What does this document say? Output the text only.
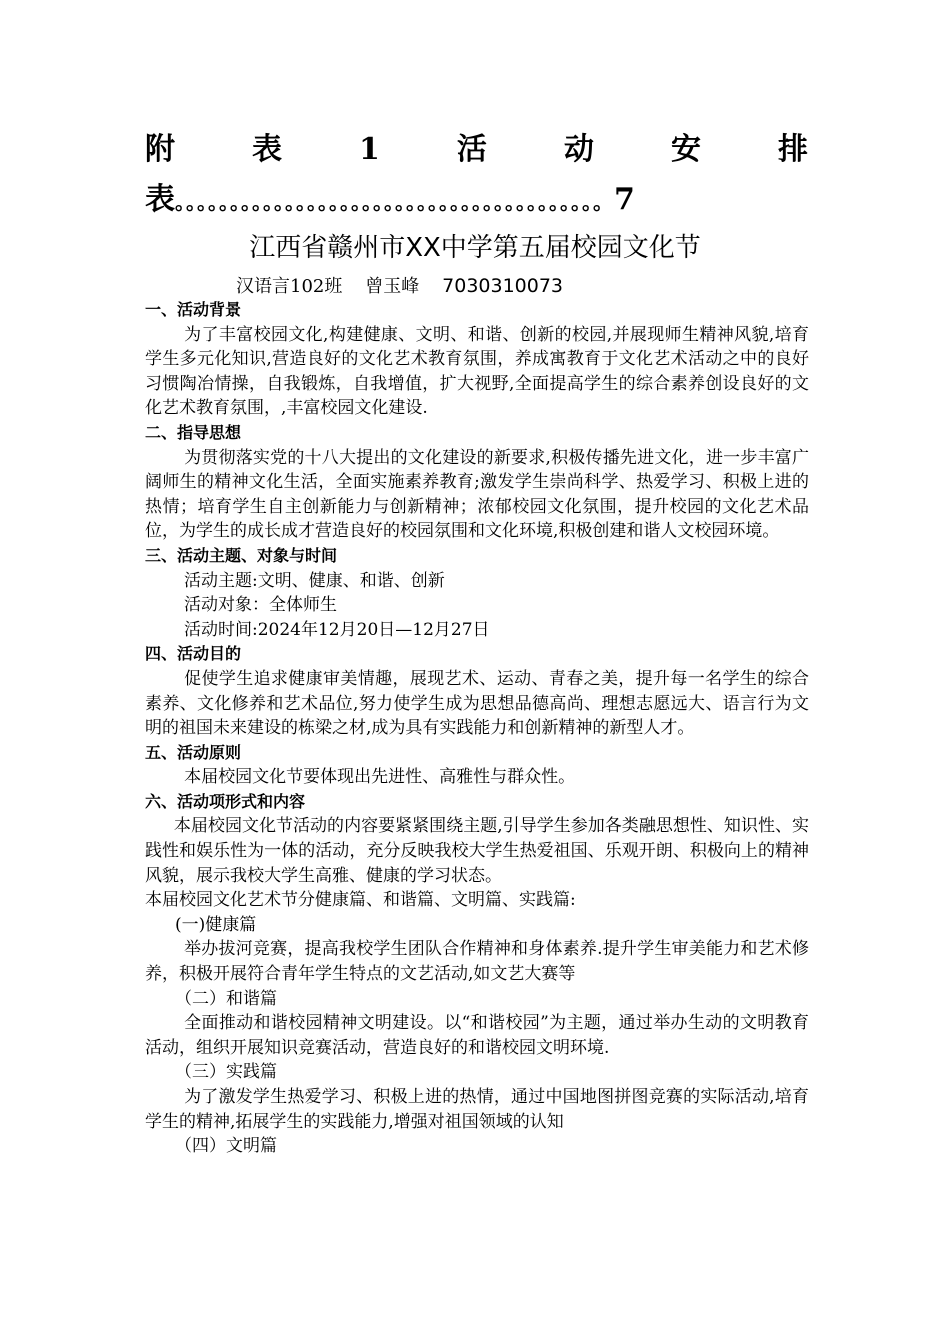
附	表	1	活	动	安	排
表。。。。。。。。。。。。。。。。。。。。。。。。。。。。。。。。。。。。。。。7
江西省赣州市XX中学第五届校园文化节
汉语言102班 曾玉峰 7030310073
一、活动背景

为了丰富校园文化,构建健康、文明、和谐、创新的校园,并展现师生精神风貌,培育学生多元化知识,营造良好的文化艺术教育氛围，养成寓教育于文化艺术活动之中的良好习惯陶冶情操，自我锻炼，自我增值，扩大视野,全面提高学生的综合素养创设良好的文化艺术教育氛围，,丰富校园文化建设.

二、指导思想

为贯彻落实党的十八大提出的文化建设的新要求,积极传播先进文化，进一步丰富广阔师生的精神文化生活，全面实施素养教育;激发学生崇尚科学、热爱学习、积极上进的热情；培育学生自主创新能力与创新精神；浓郁校园文化氛围，提升校园的文化艺术品位，为学生的成长成才营造良好的校园氛围和文化环境,积极创建和谐人文校园环境。

三、活动主题、对象与时间

活动主题:文明、健康、和谐、创新

活动对象：全体师生

活动时间:2024年12月20日—12月27日

四、活动目的

促使学生追求健康审美情趣，展现艺术、运动、青春之美，提升每一名学生的综合素养、文化修养和艺术品位,努力使学生成为思想品德高尚、理想志愿远大、语言行为文明的祖国未来建设的栋梁之材,成为具有实践能力和创新精神的新型人才。

五、活动原则

本届校园文化节要体现出先进性、高雅性与群众性。

六、活动项形式和内容

本届校园文化节活动的内容要紧紧围绕主题,引导学生参加各类融思想性、知识性、实践性和娱乐性为一体的活动，充分反映我校大学生热爱祖国、乐观开朗、积极向上的精神风貌，展示我校大学生高雅、健康的学习状态。

本届校园文化艺术节分健康篇、和谐篇、文明篇、实践篇:

(一)健康篇

举办拔河竞赛，提高我校学生团队合作精神和身体素养.提升学生审美能力和艺术修养，积极开展符合青年学生特点的文艺活动,如文艺大赛等

（二）和谐篇

全面推动和谐校园精神文明建设。以“和谐校园”为主题，通过举办生动的文明教育活动，组织开展知识竞赛活动，营造良好的和谐校园文明环境.

（三）实践篇

为了激发学生热爱学习、积极上进的热情，通过中国地图拼图竞赛的实际活动,培育学生的精神,拓展学生的实践能力,增强对祖国领域的认知

（四）文明篇
